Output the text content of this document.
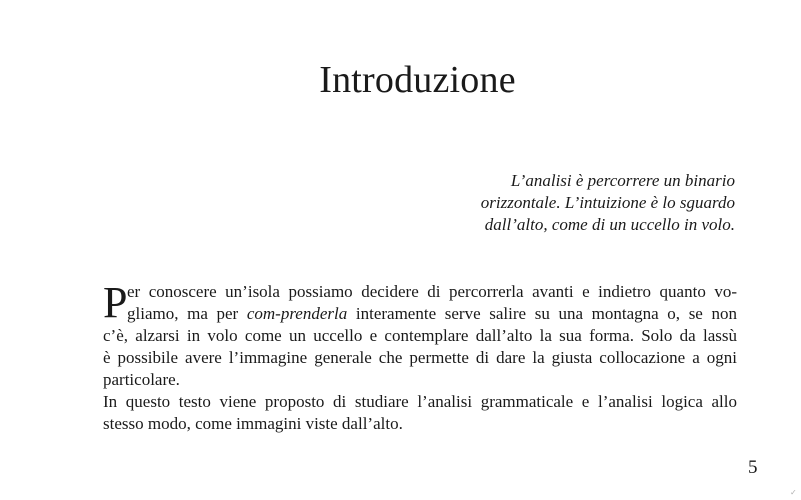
Introduzione
L’analisi è percorrere un binario
orizzontale. L’intuizione è lo sguardo
dall’alto, come di un uccello in volo.
P er conoscere un’isola possiamo decidere di percorrerla avanti e indietro quanto vo-
gliamo, ma per com-prenderla interamente serve salire su una montagna o, se non
c’è, alzarsi in volo come un uccello e contemplare dall’alto la sua forma. Solo da lassù
è possibile avere l’immagine generale che permette di dare la giusta collocazione a ogni
particolare.
In questo testo viene proposto di studiare l’analisi grammaticale e l’analisi logica allo
stesso modo, come immagini viste dall’alto.
5
✓
